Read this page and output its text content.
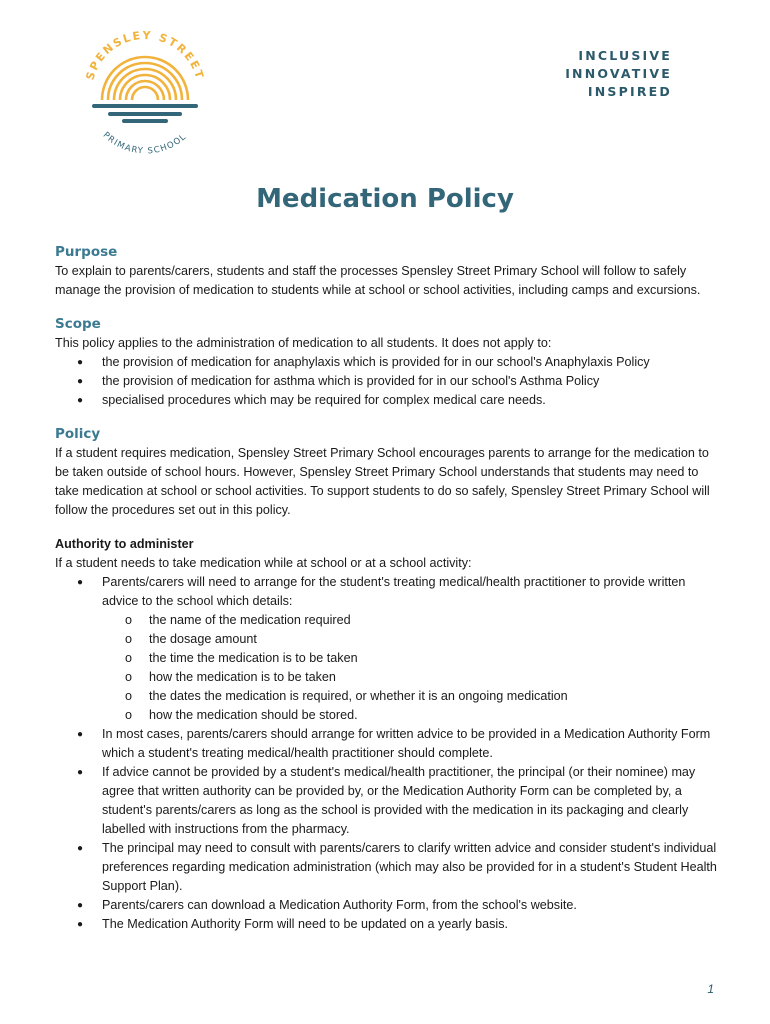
SPENSLEY STREET
PRIMARY SCHOOL
INCLUSIVE
INNOVATIVE
INSPIRED
Medication Policy
Purpose

To explain to parents/carers, students and staff the processes Spensley Street Primary School will follow to safely manage the provision of medication to students while at school or school activities, including camps and excursions.

Scope

This policy applies to the administration of medication to all students. It does not apply to:

● the provision of medication for anaphylaxis which is provided for in our school's Anaphylaxis Policy
● the provision of medication for asthma which is provided for in our school's Asthma Policy
● specialised procedures which may be required for complex medical care needs.
Policy

If a student requires medication, Spensley Street Primary School encourages parents to arrange for the medication to be taken outside of school hours. However, Spensley Street Primary School understands that students may need to take medication at school or school activities. To support students to do so safely, Spensley Street Primary School will follow the procedures set out in this policy.

Authority to administer

If a student needs to take medication while at school or at a school activity:

● Parents/carers will need to arrange for the student's treating medical/health practitioner to provide written advice to the school which details:
o the name of the medication required
o the dosage amount
o the time the medication is to be taken
o how the medication is to be taken
o the dates the medication is required, or whether it is an ongoing medication
o how the medication should be stored.
● In most cases, parents/carers should arrange for written advice to be provided in a Medication Authority Form which a student's treating medical/health practitioner should complete.
● If advice cannot be provided by a student's medical/health practitioner, the principal (or their nominee) may agree that written authority can be provided by, or the Medication Authority Form can be completed by, a student's parents/carers as long as the school is provided with the medication in its packaging and clearly labelled with instructions from the pharmacy.
● The principal may need to consult with parents/carers to clarify written advice and consider student's individual preferences regarding medication administration (which may also be provided for in a student's Student Health Support Plan).
● Parents/carers can download a Medication Authority Form, from the school's website.
● The Medication Authority Form will need to be updated on a yearly basis.
1
